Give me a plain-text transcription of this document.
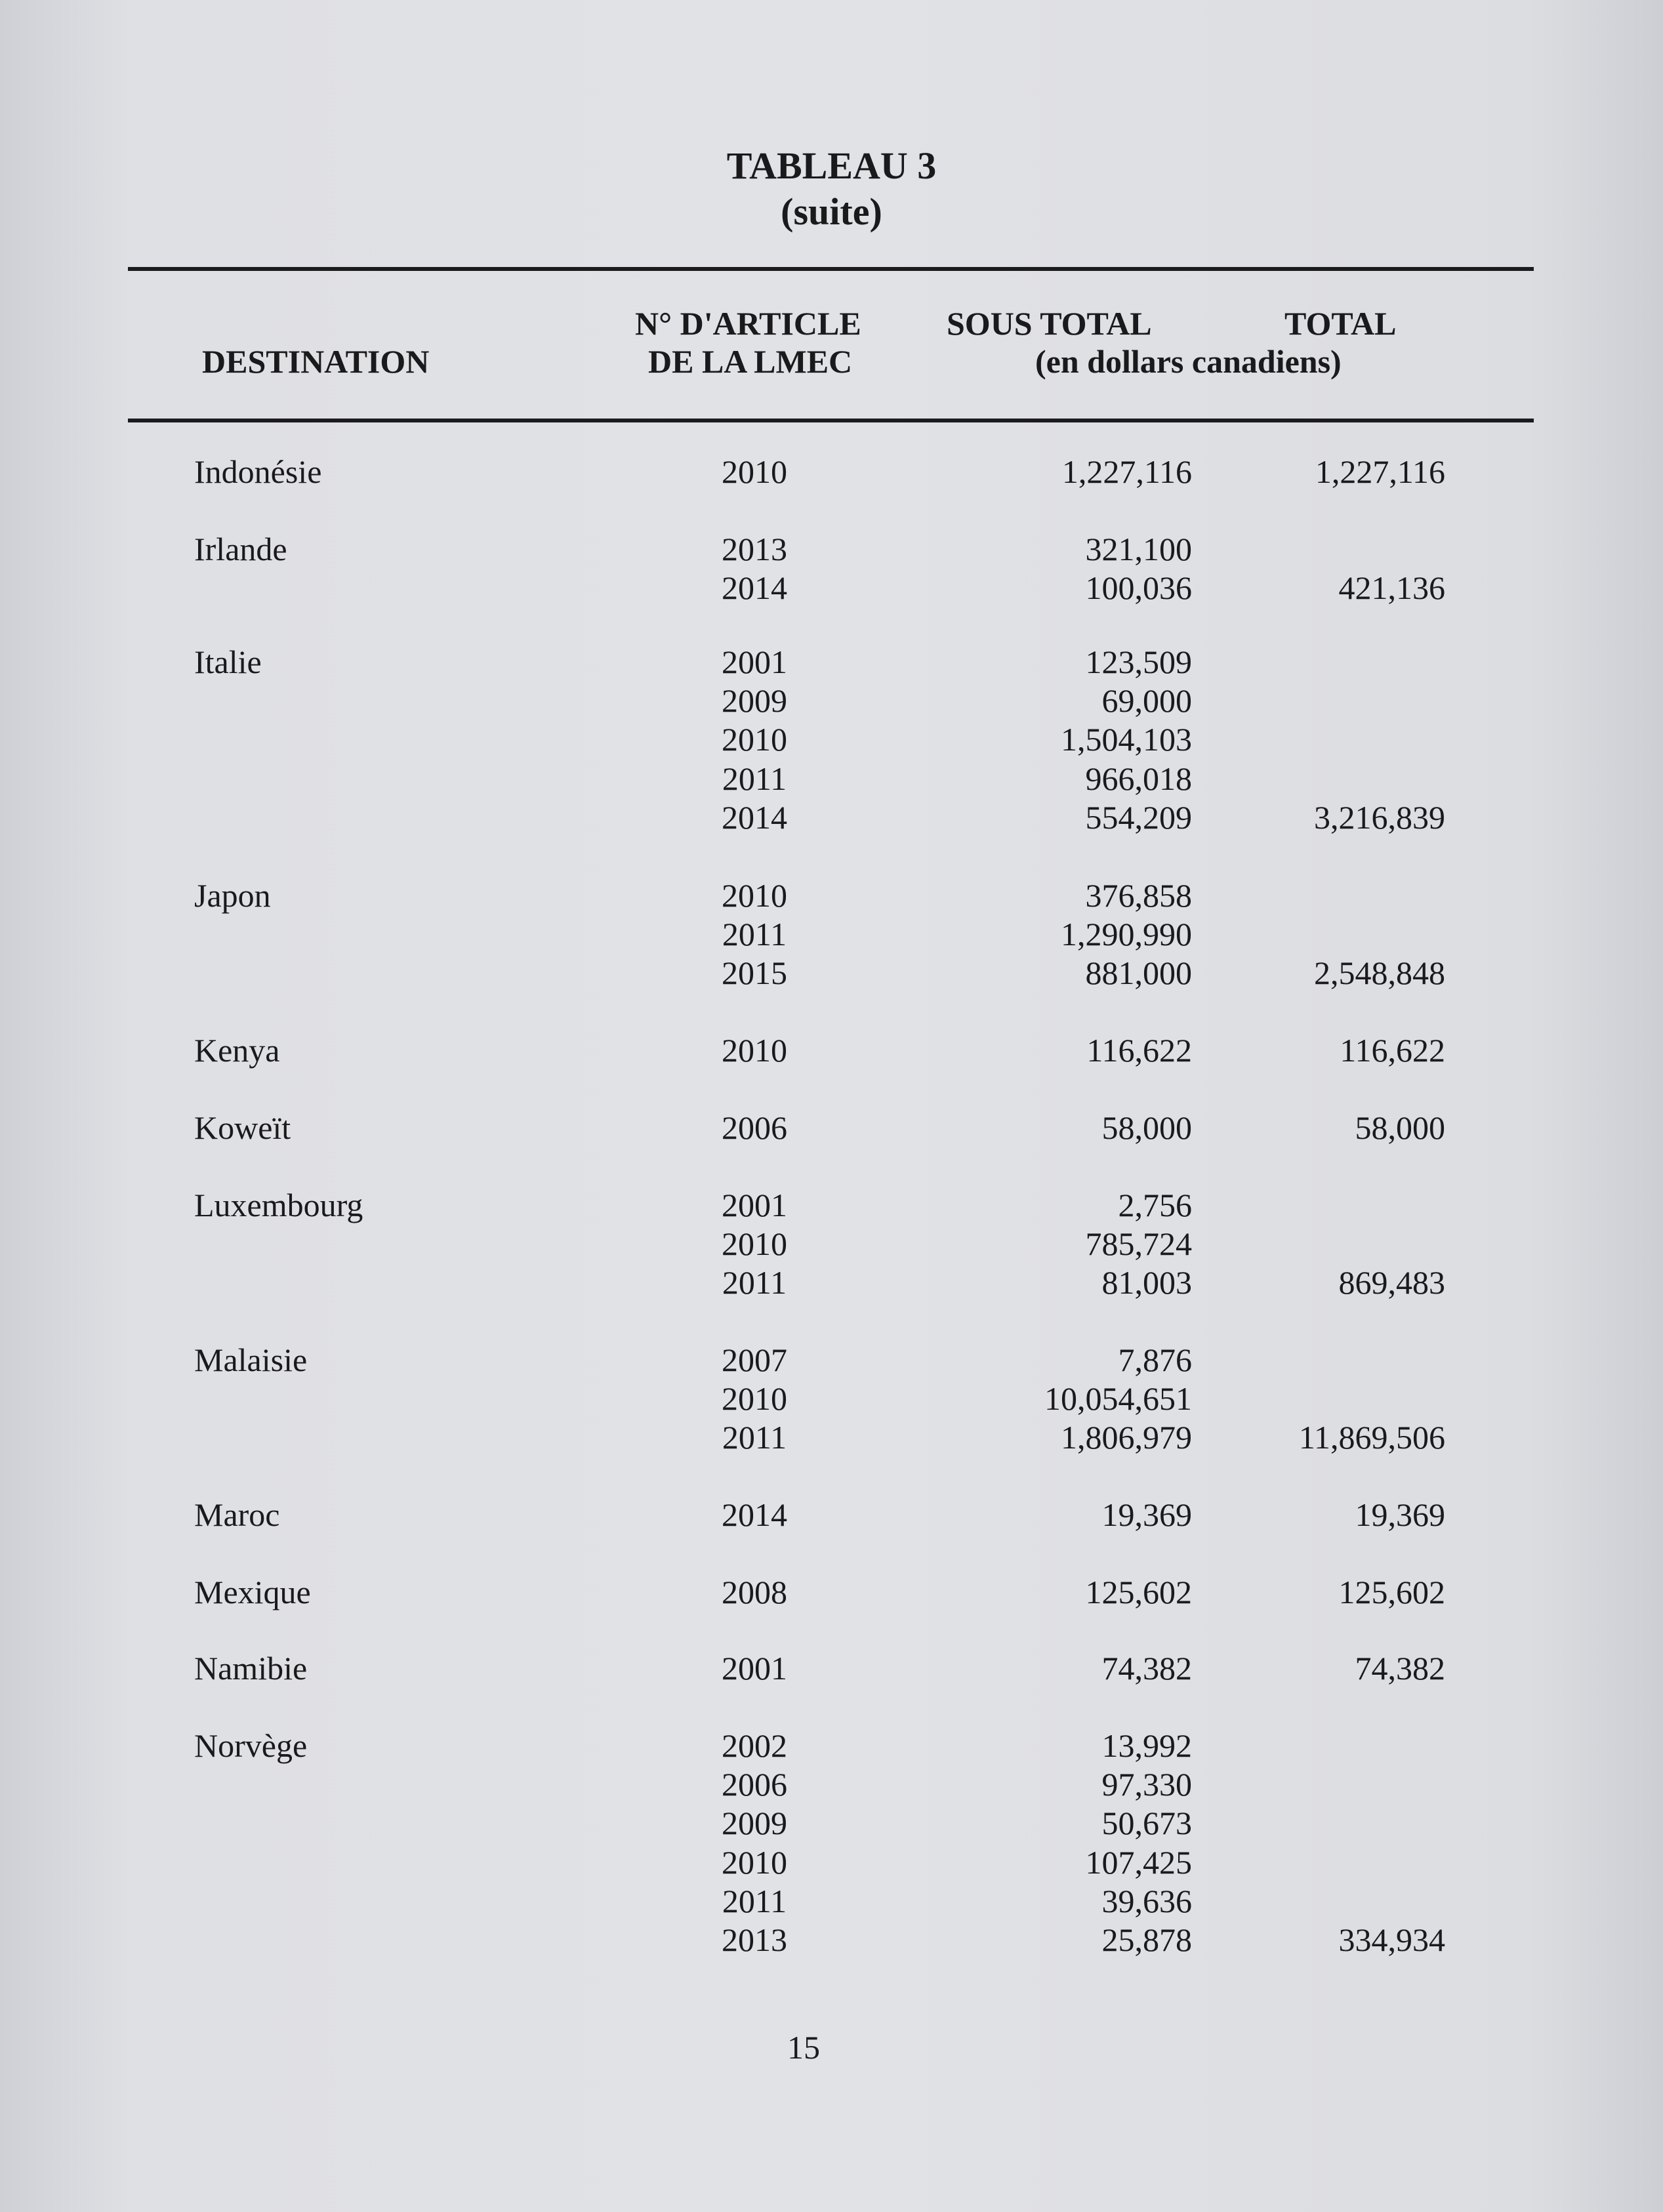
TABLEAU 3
(suite)
DESTINATION
N° D'ARTICLE
DE LA LMEC
SOUS TOTAL	TOTAL
(en dollars canadiens)
Indonésie	2010	1,227,116	1,227,116
Irlande	2013	321,100
2014	100,036	421,136
Italie	2001	123,509
2009	69,000
2010	1,504,103
2011	966,018
2014	554,209	3,216,839
Japon	2010	376,858
2011	1,290,990
2015	881,000	2,548,848
Kenya	2010	116,622	116,622
Koweït	2006	58,000	58,000
Luxembourg	2001	2,756
2010	785,724
2011	81,003	869,483
Malaisie	2007	7,876
2010	10,054,651
2011	1,806,979	11,869,506
Maroc	2014	19,369	19,369
Mexique	2008	125,602	125,602
Namibie	2001	74,382	74,382
Norvège	2002	13,992
2006	97,330
2009	50,673
2010	107,425
2011	39,636
2013	25,878	334,934
15
